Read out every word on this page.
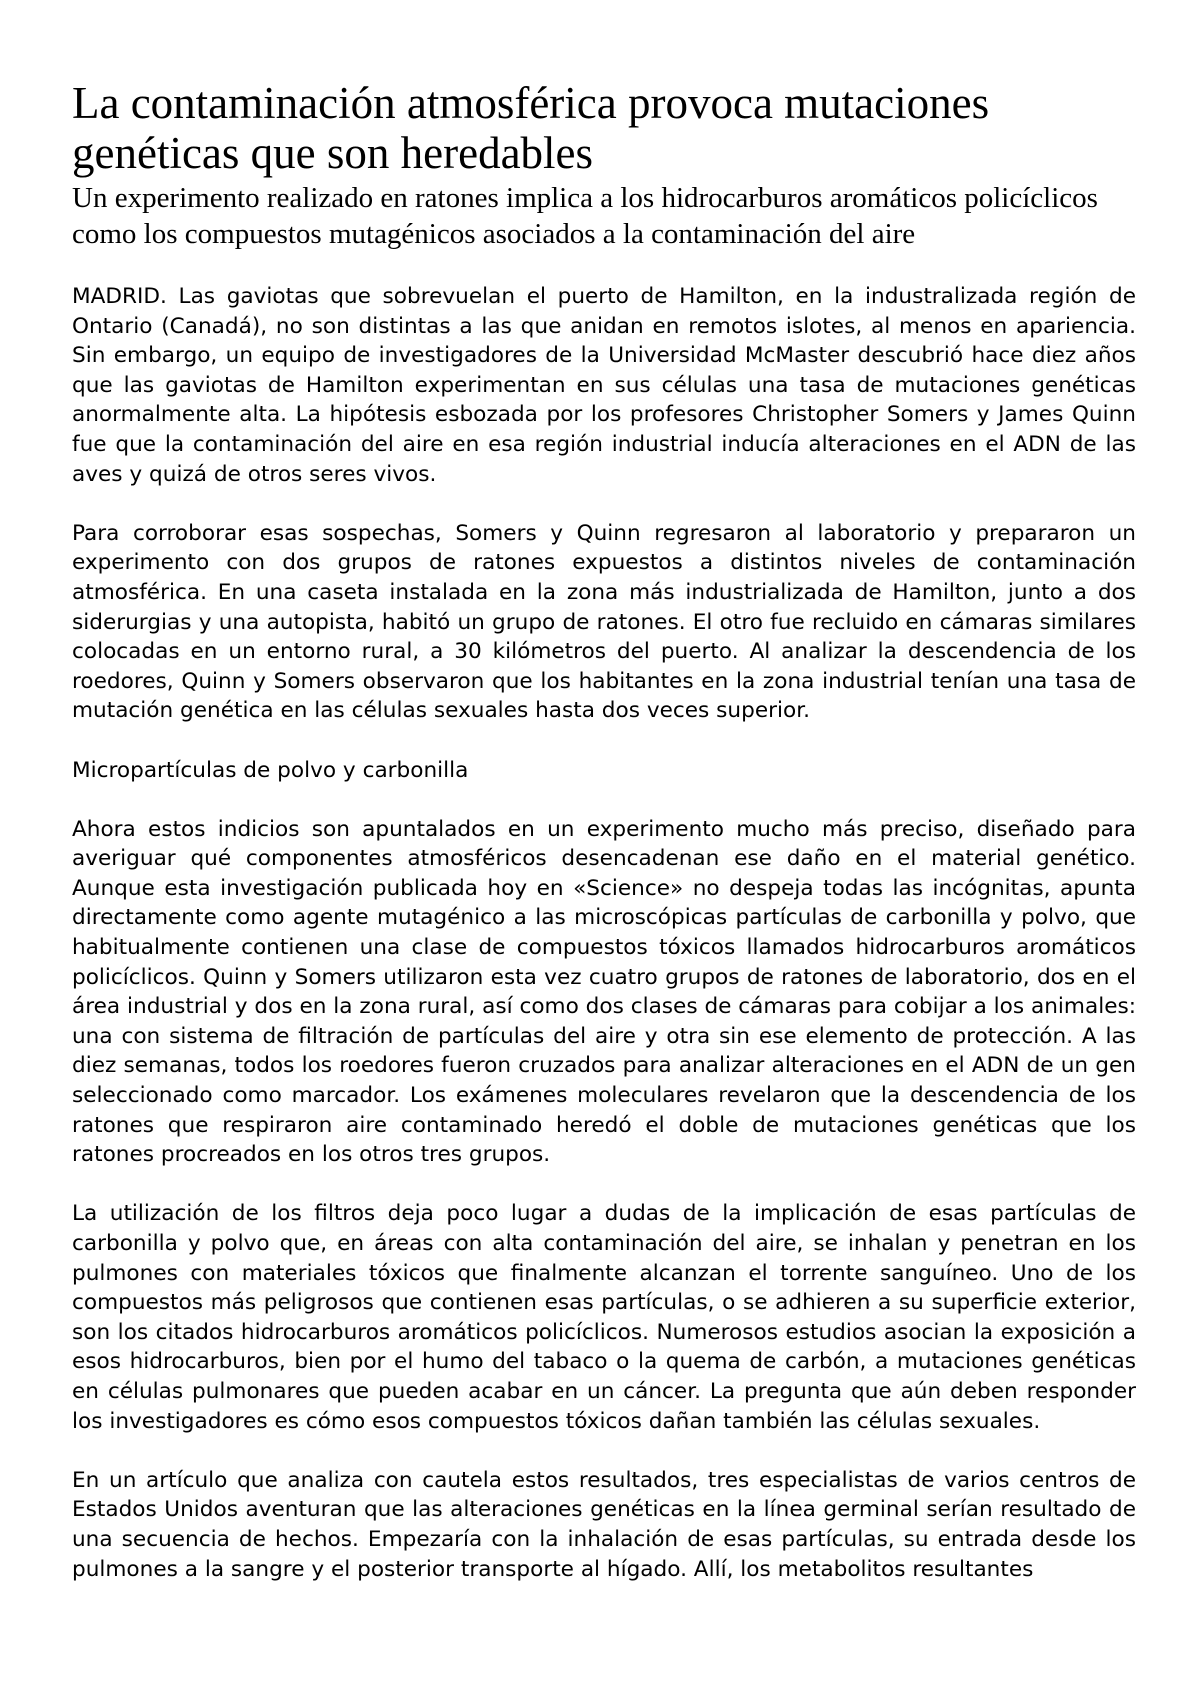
La contaminación atmosférica provoca mutaciones genéticas que son heredables
Un experimento realizado en ratones implica a los hidrocarburos aromáticos policíclicos como los compuestos mutagénicos asociados a la contaminación del aire

MADRID. Las gaviotas que sobrevuelan el puerto de Hamilton, en la industralizada región de Ontario (Canadá), no son distintas a las que anidan en remotos islotes, al menos en apariencia. Sin embargo, un equipo de investigadores de la Universidad McMaster descubrió hace diez años que las gaviotas de Hamilton experimentan en sus células una tasa de mutaciones genéticas anormalmente alta. La hipótesis esbozada por los profesores Christopher Somers y James Quinn fue que la contaminación del aire en esa región industrial inducía alteraciones en el ADN de las aves y quizá de otros seres vivos.

Para corroborar esas sospechas, Somers y Quinn regresaron al laboratorio y prepararon un experimento con dos grupos de ratones expuestos a distintos niveles de contaminación atmosférica. En una caseta instalada en la zona más industrializada de Hamilton, junto a dos siderurgias y una autopista, habitó un grupo de ratones. El otro fue recluido en cámaras similares colocadas en un entorno rural, a 30 kilómetros del puerto. Al analizar la descendencia de los roedores, Quinn y Somers observaron que los habitantes en la zona industrial tenían una tasa de mutación genética en las células sexuales hasta dos veces superior.

Micropartículas de polvo y carbonilla

Ahora estos indicios son apuntalados en un experimento mucho más preciso, diseñado para averiguar qué componentes atmosféricos desencadenan ese daño en el material genético. Aunque esta investigación publicada hoy en «Science» no despeja todas las incógnitas, apunta directamente como agente mutagénico a las microscópicas partículas de carbonilla y polvo, que habitualmente contienen una clase de compuestos tóxicos llamados hidrocarburos aromáticos policíclicos. Quinn y Somers utilizaron esta vez cuatro grupos de ratones de laboratorio, dos en el área industrial y dos en la zona rural, así como dos clases de cámaras para cobijar a los animales: una con sistema de filtración de partículas del aire y otra sin ese elemento de protección. A las diez semanas, todos los roedores fueron cruzados para analizar alteraciones en el ADN de un gen seleccionado como marcador. Los exámenes moleculares revelaron que la descendencia de los ratones que respiraron aire contaminado heredó el doble de mutaciones genéticas que los ratones procreados en los otros tres grupos.

La utilización de los filtros deja poco lugar a dudas de la implicación de esas partículas de carbonilla y polvo que, en áreas con alta contaminación del aire, se inhalan y penetran en los pulmones con materiales tóxicos que finalmente alcanzan el torrente sanguíneo. Uno de los compuestos más peligrosos que contienen esas partículas, o se adhieren a su superficie exterior, son los citados hidrocarburos aromáticos policíclicos. Numerosos estudios asocian la exposición a esos hidrocarburos, bien por el humo del tabaco o la quema de carbón, a mutaciones genéticas en células pulmonares que pueden acabar en un cáncer. La pregunta que aún deben responder los investigadores es cómo esos compuestos tóxicos dañan también las células sexuales.

En un artículo que analiza con cautela estos resultados, tres especialistas de varios centros de Estados Unidos aventuran que las alteraciones genéticas en la línea germinal serían resultado de una secuencia de hechos. Empezaría con la inhalación de esas partículas, su entrada desde los pulmones a la sangre y el posterior transporte al hígado. Allí, los metabolitos resultantes
